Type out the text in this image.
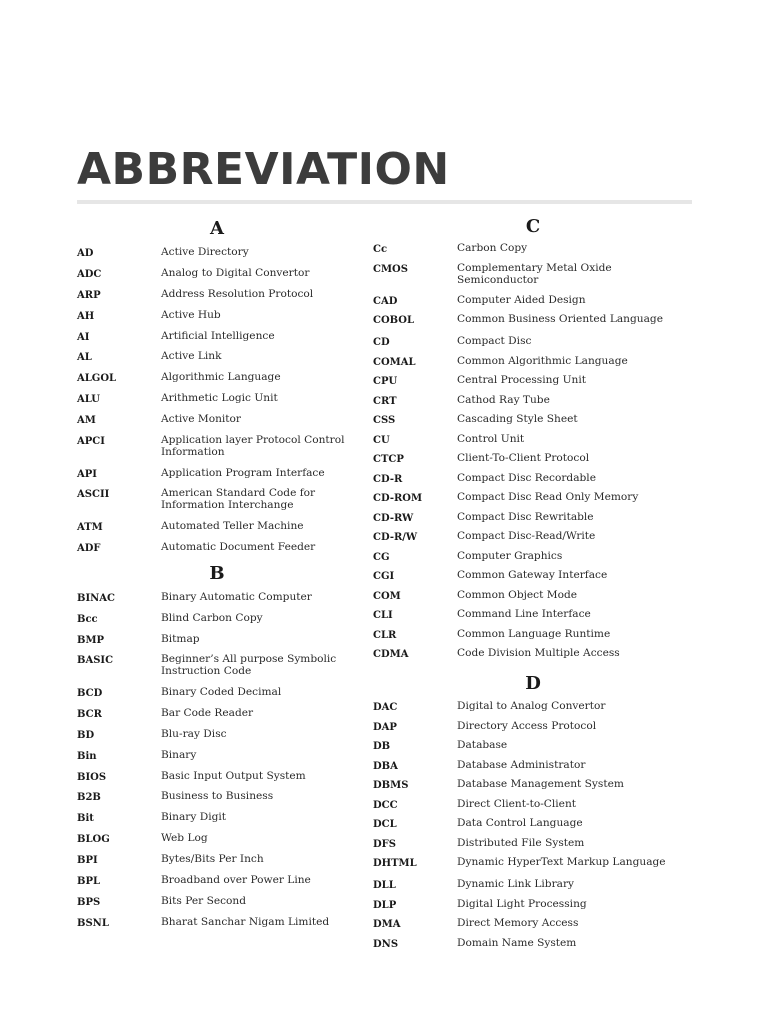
ABBREVIATION
A
AD	Active Directory
ADC	Analog to Digital Convertor
ARP	Address Resolution Protocol
AH	Active Hub
AI	Artificial Intelligence
AL	Active Link
ALGOL	Algorithmic Language
ALU	Arithmetic Logic Unit
AM	Active Monitor
APCI	Application layer Protocol Control Information
API	Application Program Interface
ASCII	American Standard Code for Information Interchange
ATM	Automated Teller Machine
ADF	Automatic Document Feeder
B
BINAC	Binary Automatic Computer
Bcc	Blind Carbon Copy
BMP	Bitmap
BASIC	Beginner’s All purpose Symbolic Instruction Code
BCD	Binary Coded Decimal
BCR	Bar Code Reader
BD	Blu-ray Disc
Bin	Binary
BIOS	Basic Input Output System
B2B	Business to Business
Bit	Binary Digit
BLOG	Web Log
BPI	Bytes/Bits Per Inch
BPL	Broadband over Power Line
BPS	Bits Per Second
BSNL	Bharat Sanchar Nigam Limited
C
Cc	Carbon Copy
CMOS	Complementary Metal Oxide Semiconductor
CAD	Computer Aided Design
COBOL	Common Business Oriented Language
CD	Compact Disc
COMAL	Common Algorithmic Language
CPU	Central Processing Unit
CRT	Cathod Ray Tube
CSS	Cascading Style Sheet
CU	Control Unit
CTCP	Client-To-Client Protocol
CD-R	Compact Disc Recordable
CD-ROM	Compact Disc Read Only Memory
CD-RW	Compact Disc Rewritable
CD-R/W	Compact Disc-Read/Write
CG	Computer Graphics
CGI	Common Gateway Interface
COM	Common Object Mode
CLI	Command Line Interface
CLR	Common Language Runtime
CDMA	Code Division Multiple Access
D
DAC	Digital to Analog Convertor
DAP	Directory Access Protocol
DB	Database
DBA	Database Administrator
DBMS	Database Management System
DCC	Direct Client-to-Client
DCL	Data Control Language
DFS	Distributed File System
DHTML	Dynamic HyperText Markup Language
DLL	Dynamic Link Library
DLP	Digital Light Processing
DMA	Direct Memory Access
DNS	Domain Name System
